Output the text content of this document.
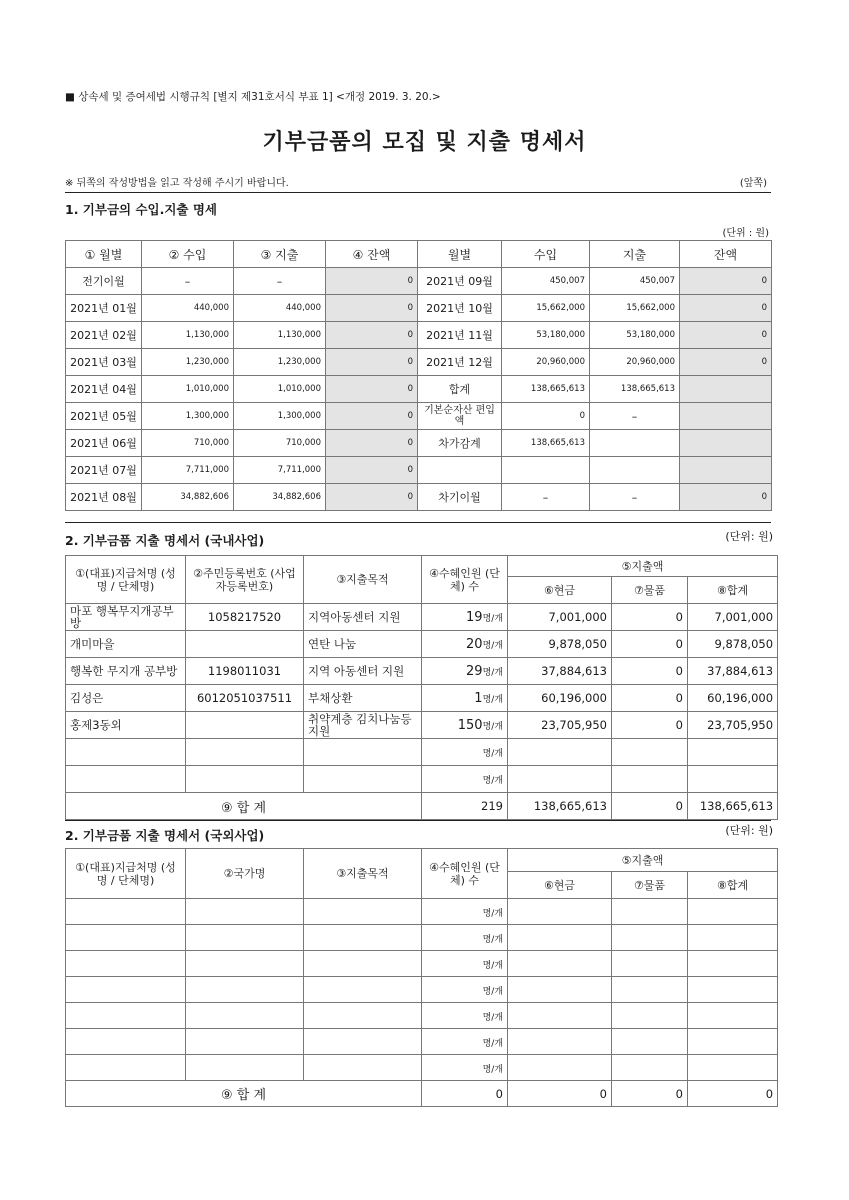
■ 상속세 및 증여세법 시행규칙 [별지 제31호서식 부표 1] <개정 2019. 3. 20.>
기부금품의 모집 및 지출 명세서
※ 뒤쪽의 작성방법을 읽고 작성해 주시기 바랍니다.	(앞쪽)
1. 기부금의 수입.지출 명세
(단위 : 원)
① 월별	② 수입	③ 지출	④ 잔액	월별	수입	지출	잔액
전기이월	–	–	0	2021년 09월	450,007	450,007	0
2021년 01월	440,000	440,000	0	2021년 10월	15,662,000	15,662,000	0
2021년 02월	1,130,000	1,130,000	0	2021년 11월	53,180,000	53,180,000	0
2021년 03월	1,230,000	1,230,000	0	2021년 12월	20,960,000	20,960,000	0
2021년 04월	1,010,000	1,010,000	0	합계	138,665,613	138,665,613	
2021년 05월	1,300,000	1,300,000	0	기본순자산 편입액	0	–	
2021년 06월	710,000	710,000	0	차가감계	138,665,613		
2021년 07월	7,711,000	7,711,000	0				
2021년 08월	34,882,606	34,882,606	0	차기이월	–	–	0
2. 기부금품 지출 명세서 (국내사업)	(단위: 원)
①(대표)지급처명 (성명 / 단체명)	②주민등록번호 (사업자등록번호)	③지출목적	④수혜인원 (단체) 수	⑤지출액		
				⑥현금	⑦물품	⑧합계
마포 행복무지개공부방	1058217520	지역아동센터 지원	19명/개	7,001,000	0	7,001,000
개미마을		연탄 나눔	20명/개	9,878,050	0	9,878,050
행복한 무지개 공부방	1198011031	지역 아동센터 지원	29명/개	37,884,613	0	37,884,613
김성은	6012051037511	부채상환	1명/개	60,196,000	0	60,196,000
홍제3동외		취약계층 김치나눔등 지원	150명/개	23,705,950	0	23,705,950
			명/개			
			명/개			
⑨ 합 계			219	138,665,613	0	138,665,613
2. 기부금품 지출 명세서 (국외사업)	(단위: 원)
①(대표)지급처명 (성명 / 단체명)	②국가명	③지출목적	④수혜인원 (단체) 수	⑤지출액		
				⑥현금	⑦물품	⑧합계
			명/개			
			명/개			
			명/개			
			명/개			
			명/개			
			명/개			
			명/개			
⑨ 합 계			0	0	0	0
